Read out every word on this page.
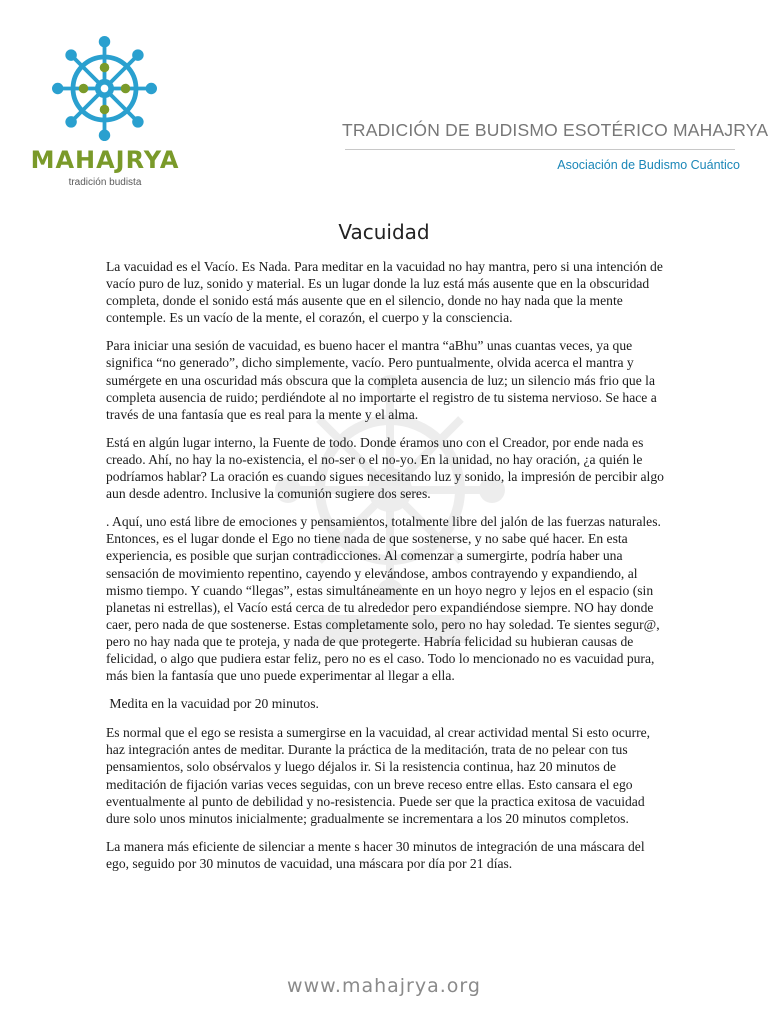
MAHAJRYA
tradición budista
TRADICIÓN DE BUDISMO ESOTÉRICO MAHAJRYA
Asociación de Budismo Cuántico
Vacuidad

La vacuidad es el Vacío. Es Nada. Para meditar en la vacuidad no hay mantra, pero si una intención de vacío puro de luz, sonido y material. Es un lugar donde la luz está más ausente que en la obscuridad completa, donde el sonido está más ausente que en el silencio, donde no hay nada que la mente contemple. Es un vacío de la mente, el corazón, el cuerpo y la consciencia.

Para iniciar una sesión de vacuidad, es bueno hacer el mantra “aBhu” unas cuantas veces, ya que significa “no generado”, dicho simplemente, vacío. Pero puntualmente, olvida acerca el mantra y sumérgete en una oscuridad más obscura que la completa ausencia de luz; un silencio más frio que la completa ausencia de ruido; perdiéndote al no importarte el registro de tu sistema nervioso. Se hace a través de una fantasía que es real para la mente y el alma.

Está en algún lugar interno, la Fuente de todo. Donde éramos uno con el Creador, por ende nada es creado. Ahí, no hay la no-existencia, el no-ser o el no-yo. En la unidad, no hay oración, ¿a quién le podríamos hablar? La oración es cuando sigues necesitando luz y sonido, la impresión de percibir algo aun desde adentro. Inclusive la comunión sugiere dos seres.

. Aquí, uno está libre de emociones y pensamientos, totalmente libre del jalón de las fuerzas naturales. Entonces, es el lugar donde el Ego no tiene nada de que sostenerse, y no sabe qué hacer. En esta experiencia, es posible que surjan contradicciones. Al comenzar a sumergirte, podría haber una sensación de movimiento repentino, cayendo y elevándose, ambos contrayendo y expandiendo, al mismo tiempo. Y cuando “llegas”, estas simultáneamente en un hoyo negro y lejos en el espacio (sin planetas ni estrellas), el Vacío está cerca de tu alrededor pero expandiéndose siempre. NO hay donde caer, pero nada de que sostenerse. Estas completamente solo, pero no hay soledad. Te sientes segur@, pero no hay nada que te proteja, y nada de que protegerte. Habría felicidad su hubieran causas de felicidad, o algo que pudiera estar feliz, pero no es el caso. Todo lo mencionado no es vacuidad pura, más bien la fantasía que uno puede experimentar al llegar a ella.

Medita en la vacuidad por 20 minutos.

Es normal que el ego se resista a sumergirse en la vacuidad, al crear actividad mental Si esto ocurre, haz integración antes de meditar. Durante la práctica de la meditación, trata de no pelear con tus pensamientos, solo obsérvalos y luego déjalos ir. Si la resistencia continua, haz 20 minutos de meditación de fijación varias veces seguidas, con un breve receso entre ellas. Esto cansara el ego eventualmente al punto de debilidad y no-resistencia. Puede ser que la practica exitosa de vacuidad dure solo unos minutos inicialmente; gradualmente se incrementara a los 20 minutos completos.

La manera más eficiente de silenciar a mente s hacer 30 minutos de integración de una máscara del ego, seguido por 30 minutos de vacuidad, una máscara por día por 21 días.

www.mahajrya.org
